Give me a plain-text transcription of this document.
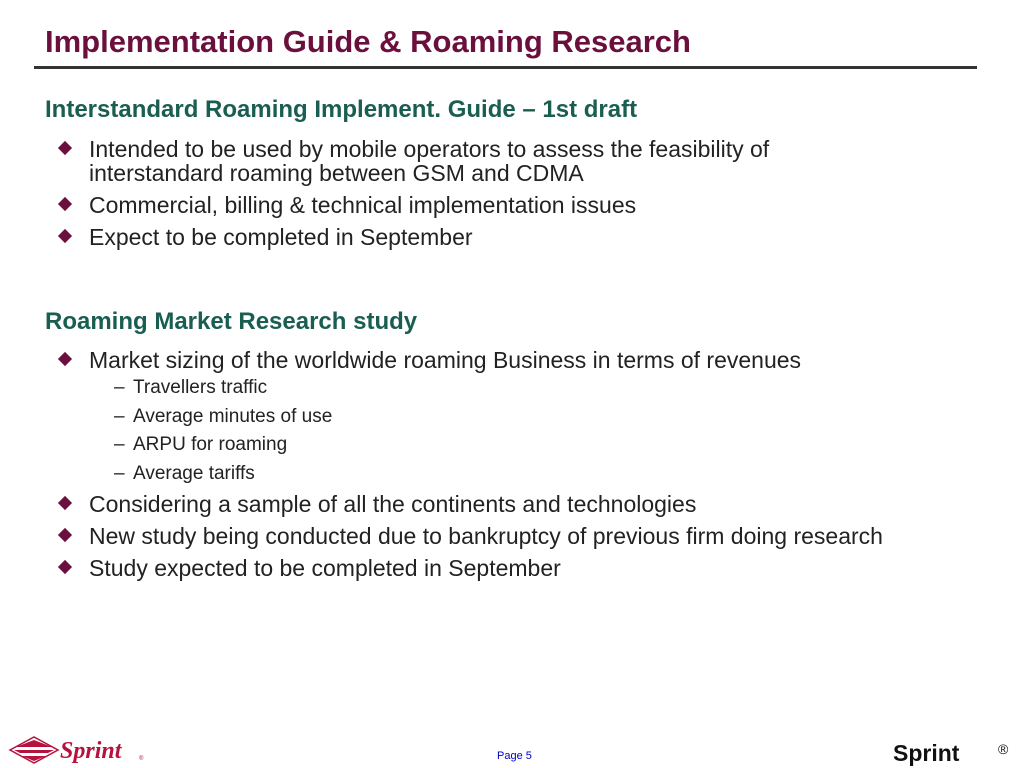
Implementation Guide & Roaming Research
Interstandard Roaming Implement. Guide – 1st draft
Intended to be used by mobile operators to assess the feasibility of interstandard roaming between GSM and CDMA
Commercial, billing & technical implementation issues
Expect to be completed in September
Roaming Market Research study
Market sizing of the worldwide roaming Business in terms of revenues
– Travellers traffic
– Average minutes of use
– ARPU for roaming
– Average tariffs
Considering a sample of all the continents and technologies
New study being conducted due to bankruptcy of previous firm doing research
Study expected to be completed in September
Sprint	®	Page 5	Sprint	®
